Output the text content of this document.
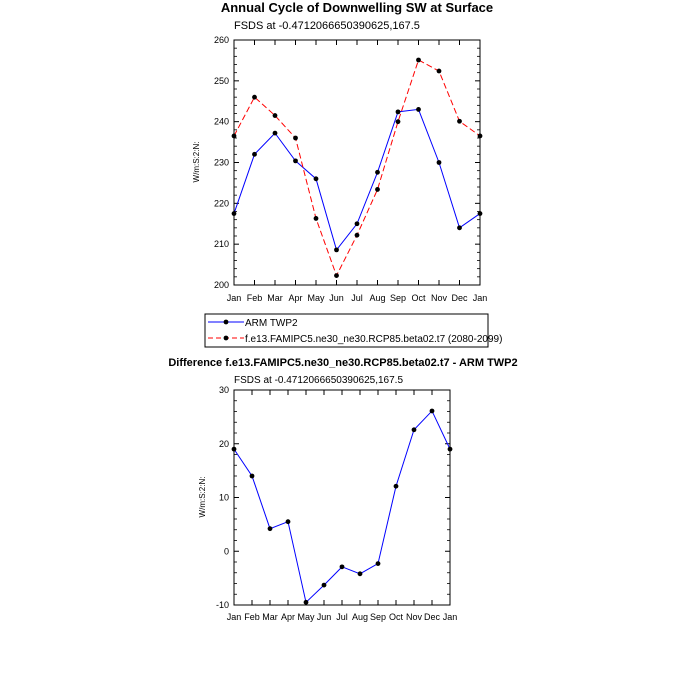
Annual Cycle of Downwelling SW at Surface
FSDS at -0.4712066650390625,167.5
W/m:S:2:N:
200
210
220
230
240
250
260
Jan Feb Mar Apr May Jun Jul Aug Sep Oct Nov Dec Jan
ARM TWP2
f.e13.FAMIPC5.ne30_ne30.RCP85.beta02.t7 (2080-2099)
Difference f.e13.FAMIPC5.ne30_ne30.RCP85.beta02.t7 - ARM TWP2
FSDS at -0.4712066650390625,167.5
W/m:S:2:N:
-10
0
10
20
30
Jan Feb Mar Apr May Jun Jul Aug Sep Oct Nov Dec Jan
